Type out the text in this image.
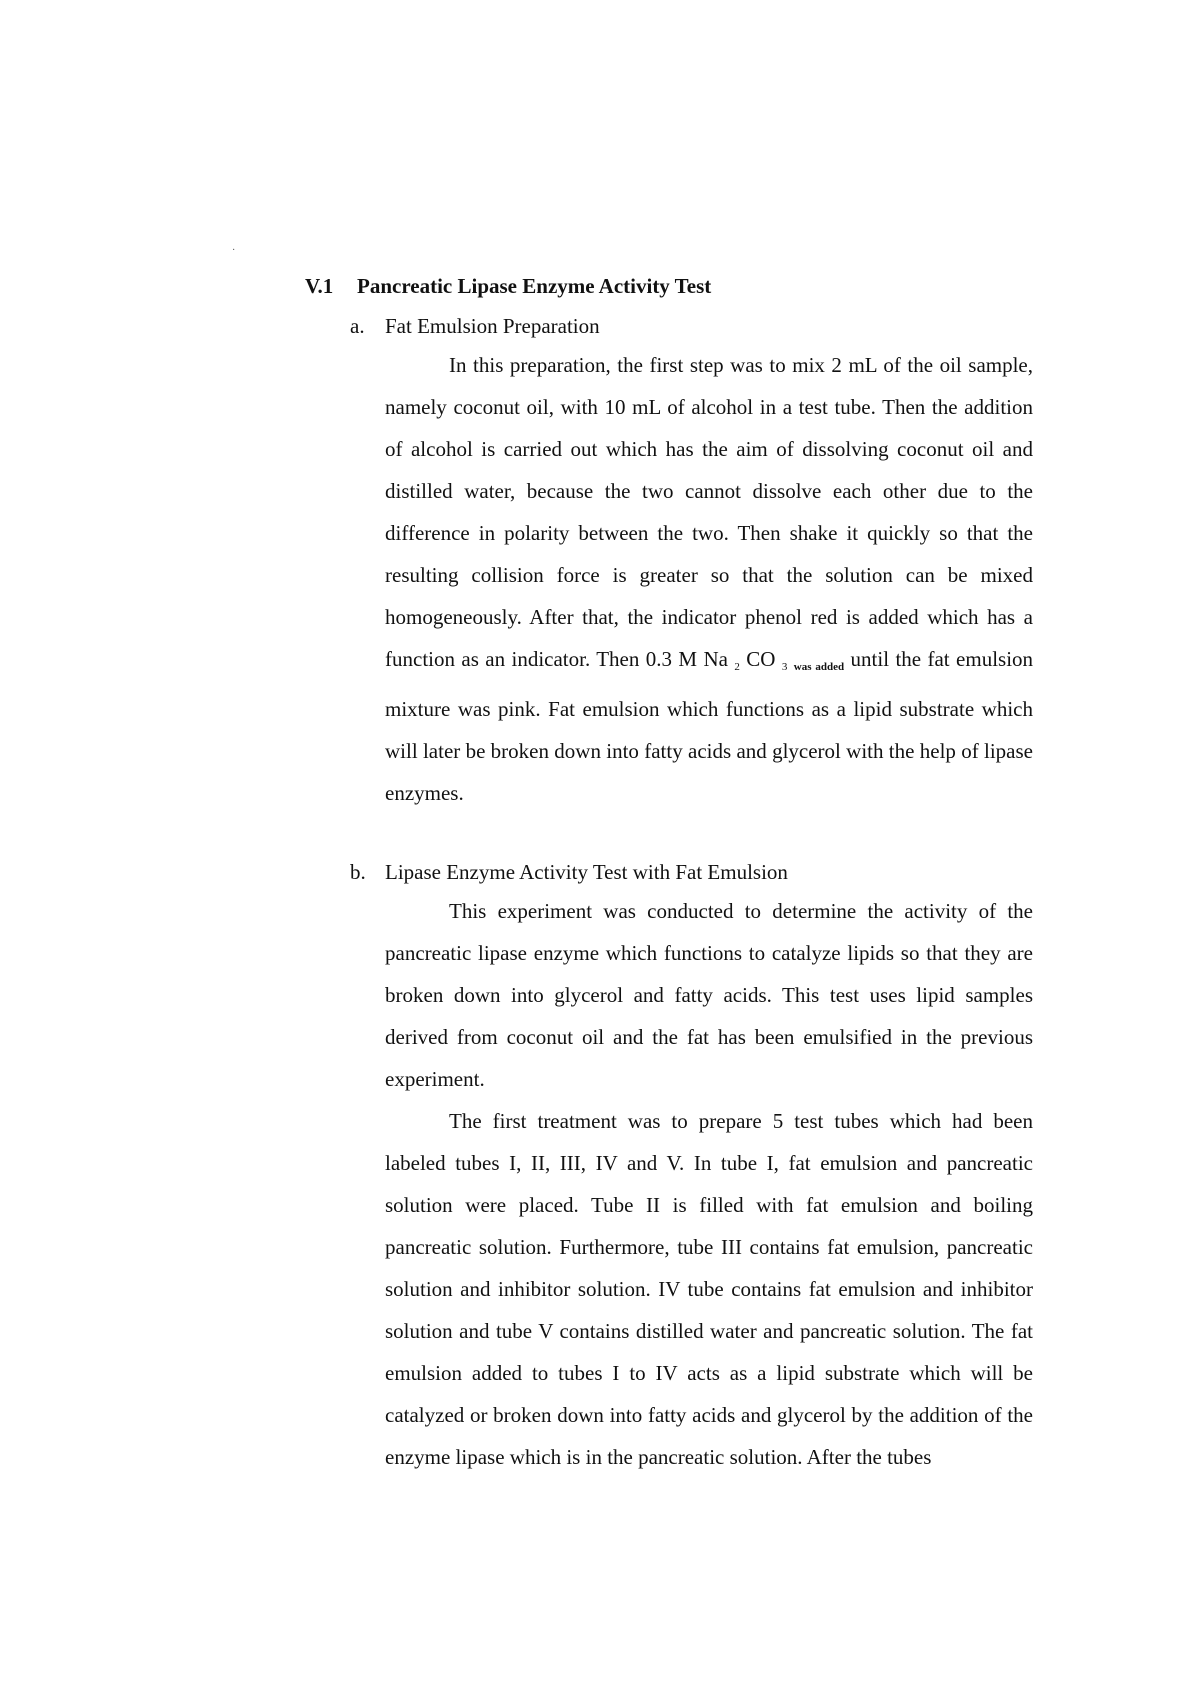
·
V.1 Pancreatic Lipase Enzyme Activity Test
a. Fat Emulsion Preparation

In this preparation, the first step was to mix 2 mL of the oil sample, namely coconut oil, with 10 mL of alcohol in a test tube. Then the addition of alcohol is carried out which has the aim of dissolving coconut oil and distilled water, because the two cannot dissolve each other due to the difference in polarity between the two. Then shake it quickly so that the resulting collision force is greater so that the solution can be mixed homogeneously. After that, the indicator phenol red is added which has a function as an indicator. Then 0.3 M Na 2 CO 3 was added until the fat emulsion mixture was pink. Fat emulsion which functions as a lipid substrate which will later be broken down into fatty acids and glycerol with the help of lipase enzymes.

b. Lipase Enzyme Activity Test with Fat Emulsion

This experiment was conducted to determine the activity of the pancreatic lipase enzyme which functions to catalyze lipids so that they are broken down into glycerol and fatty acids. This test uses lipid samples derived from coconut oil and the fat has been emulsified in the previous experiment.

The first treatment was to prepare 5 test tubes which had been labeled tubes I, II, III, IV and V. In tube I, fat emulsion and pancreatic solution were placed. Tube II is filled with fat emulsion and boiling pancreatic solution. Furthermore, tube III contains fat emulsion, pancreatic solution and inhibitor solution. IV tube contains fat emulsion and inhibitor solution and tube V contains distilled water and pancreatic solution. The fat emulsion added to tubes I to IV acts as a lipid substrate which will be catalyzed or broken down into fatty acids and glycerol by the addition of the enzyme lipase which is in the pancreatic solution. After the tubes
